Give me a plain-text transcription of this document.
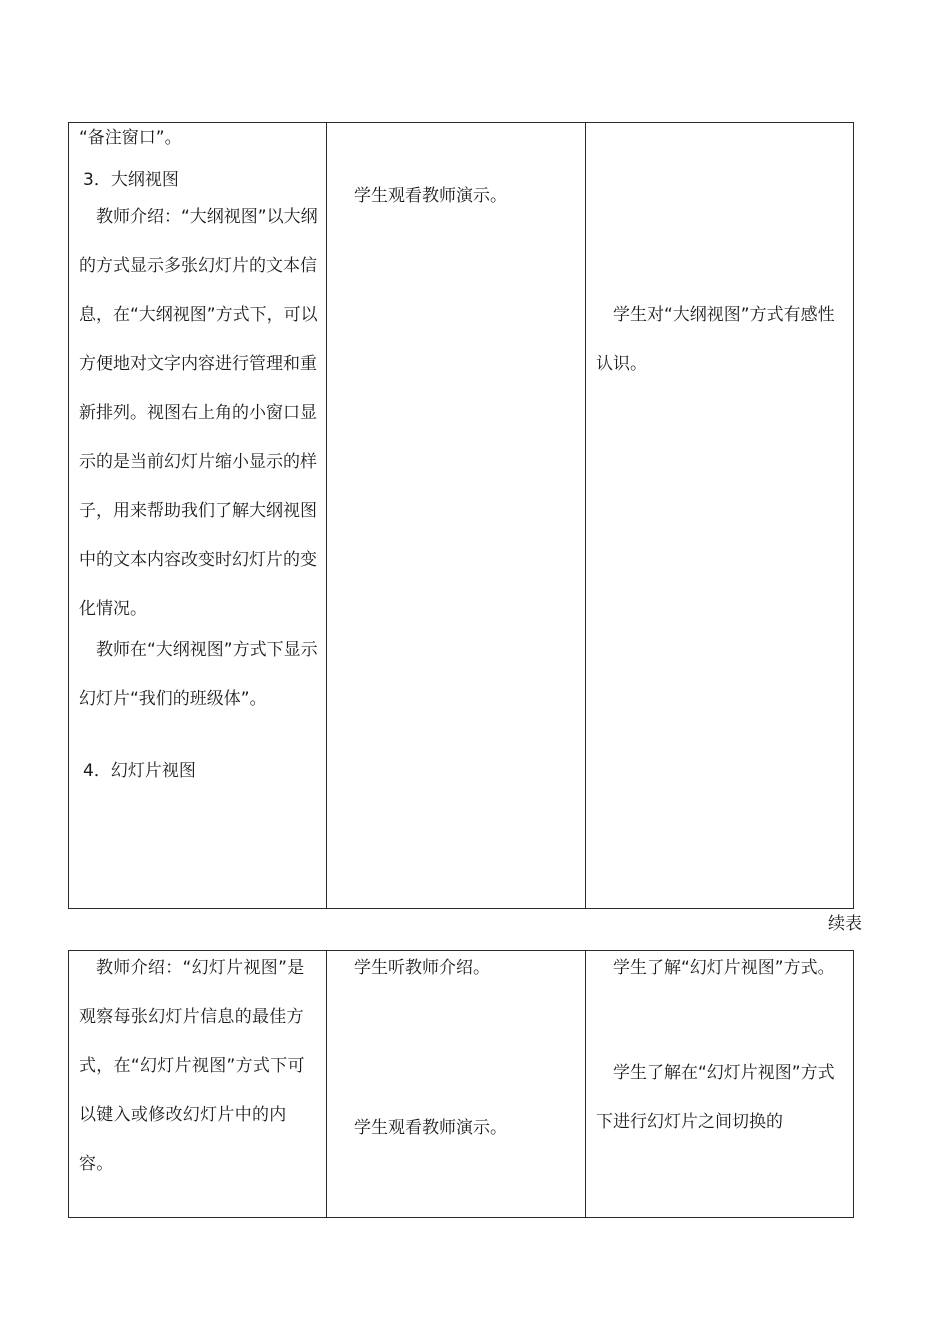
“备注窗口”。

3．大纲视图

教师介绍：“大纲视图”以大纲的方式显示多张幻灯片的文本信息，在“大纲视图”方式下，可以方便地对文字内容进行管理和重新排列。视图右上角的小窗口显示的是当前幻灯片缩小显示的样子，用来帮助我们了解大纲视图中的文本内容改变时幻灯片的变化情况。

教师在“大纲视图”方式下显示幻灯片“我们的班级体”。

4．幻灯片视图

学生观看教师演示。

学生对“大纲视图”方式有感性认识。

续表

教师介绍：“幻灯片视图”是观察每张幻灯片信息的最佳方式，在“幻灯片视图”方式下可以键入或修改幻灯片中的内容。

学生听教师介绍。

学生观看教师演示。

学生了解“幻灯片视图”方式。

学生了解在“幻灯片视图”方式下进行幻灯片之间切换的
